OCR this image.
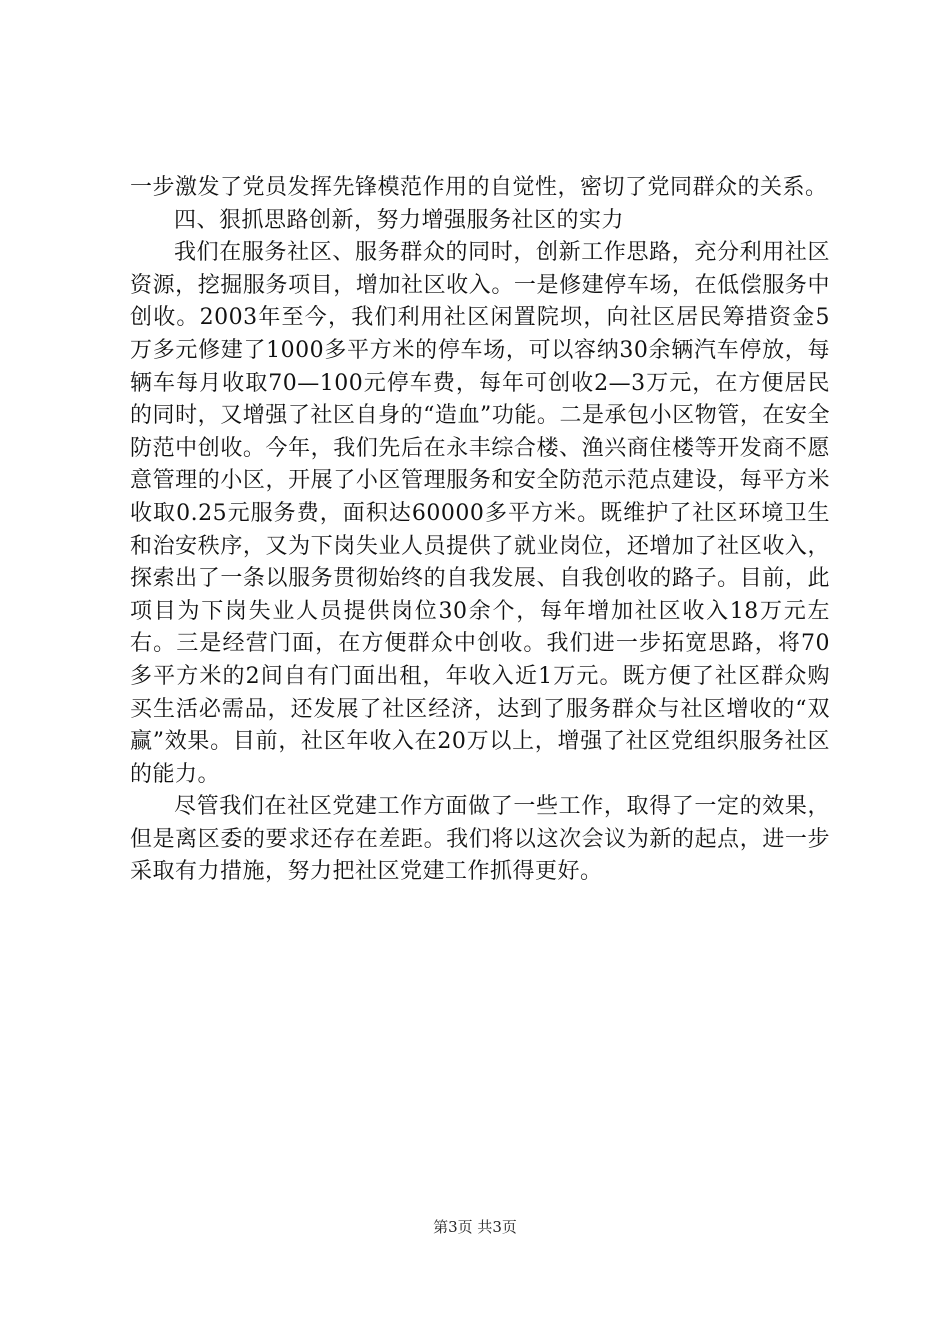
一步激发了党员发挥先锋模范作用的自觉性，密切了党同群众的关系。

四、狠抓思路创新，努力增强服务社区的实力

我们在服务社区、服务群众的同时，创新工作思路，充分利用社区资源，挖掘服务项目，增加社区收入。一是修建停车场，在低偿服务中创收。2003年至今，我们利用社区闲置院坝，向社区居民筹措资金5万多元修建了1000多平方米的停车场，可以容纳30余辆汽车停放，每辆车每月收取70—100元停车费，每年可创收2—3万元，在方便居民的同时，又增强了社区自身的“造血”功能。二是承包小区物管，在安全防范中创收。今年，我们先后在永丰综合楼、渔兴商住楼等开发商不愿意管理的小区，开展了小区管理服务和安全防范示范点建设，每平方米收取0.25元服务费，面积达60000多平方米。既维护了社区环境卫生和治安秩序，又为下岗失业人员提供了就业岗位，还增加了社区收入，探索出了一条以服务贯彻始终的自我发展、自我创收的路子。目前，此项目为下岗失业人员提供岗位30余个，每年增加社区收入18万元左右。三是经营门面，在方便群众中创收。我们进一步拓宽思路，将70多平方米的2间自有门面出租，年收入近1万元。既方便了社区群众购买生活必需品，还发展了社区经济，达到了服务群众与社区增收的“双赢”效果。目前，社区年收入在20万以上，增强了社区党组织服务社区的能力。

尽管我们在社区党建工作方面做了一些工作，取得了一定的效果，但是离区委的要求还存在差距。我们将以这次会议为新的起点，进一步采取有力措施，努力把社区党建工作抓得更好。

第3页 共3页
